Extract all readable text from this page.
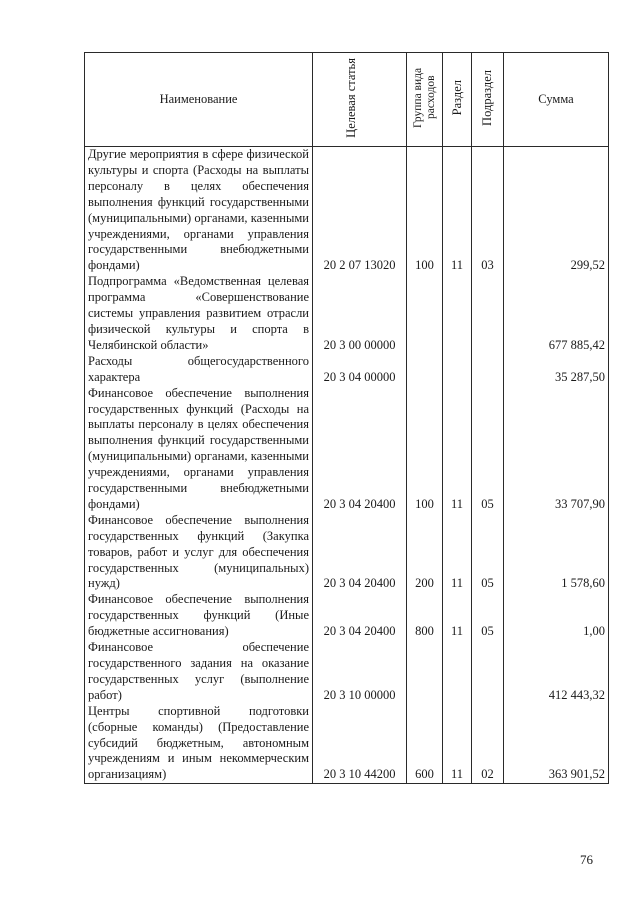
Наименование	Целевая статья	Группа вида расходов	Раздел	Подраздел	Сумма
Другие мероприятия в сфере физической культуры и спорта (Расходы на выплаты персоналу в целях обеспечения выполнения функций государственными (муниципальными) органами, казенными учреждениями, органами управления государственными внебюджетными фондами)	20 2 07 13020	100	11	03	299,52
Подпрограмма «Ведомственная целевая программа «Совершенствование системы управления развитием отрасли физической культуры и спорта в Челябинской области»	20 3 00 00000				677 885,42
Расходы общегосударственного характера	20 3 04 00000				35 287,50
Финансовое обеспечение выполнения государственных функций (Расходы на выплаты персоналу в целях обеспечения выполнения функций государственными (муниципальными) органами, казенными учреждениями, органами управления государственными внебюджетными фондами)	20 3 04 20400	100	11	05	33 707,90
Финансовое обеспечение выполнения государственных функций (Закупка товаров, работ и услуг для обеспечения государственных (муниципальных) нужд)	20 3 04 20400	200	11	05	1 578,60
Финансовое обеспечение выполнения государственных функций (Иные бюджетные ассигнования)	20 3 04 20400	800	11	05	1,00
Финансовое обеспечение государственного задания на оказание государственных услуг (выполнение работ)	20 3 10 00000				412 443,32
Центры спортивной подготовки (сборные команды) (Предоставление субсидий бюджетным, автономным учреждениям и иным некоммерческим организациям)	20 3 10 44200	600	11	02	363 901,52
76
